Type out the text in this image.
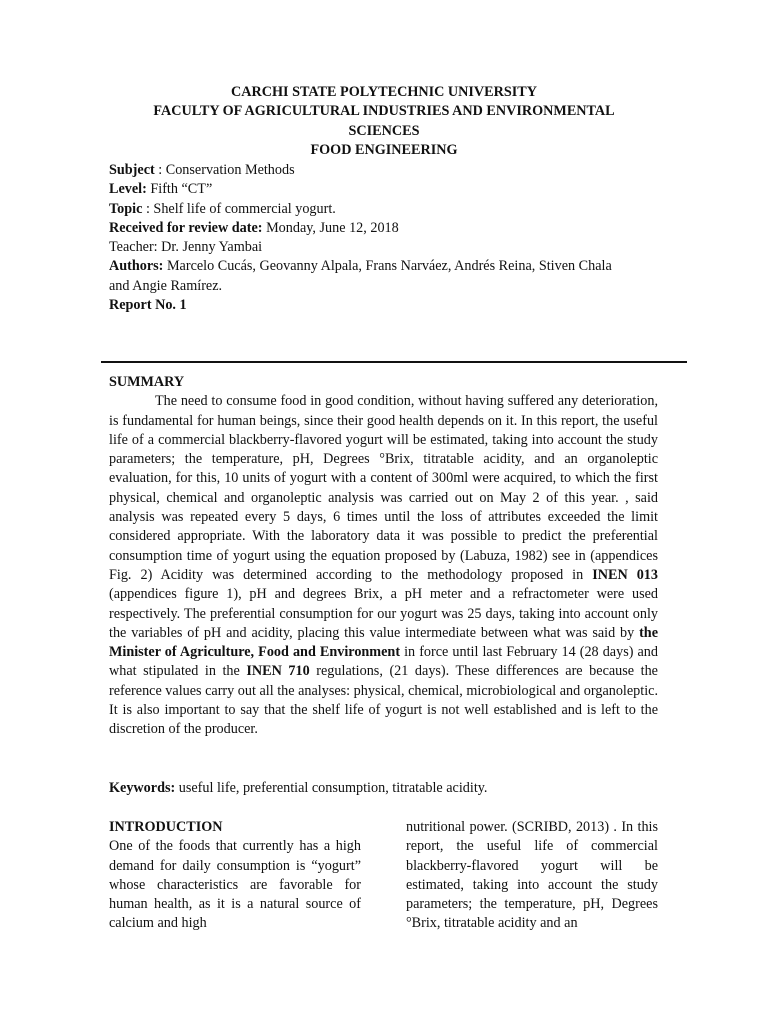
CARCHI STATE POLYTECHNIC UNIVERSITY
FACULTY OF AGRICULTURAL INDUSTRIES AND ENVIRONMENTAL
SCIENCES
FOOD ENGINEERING
Subject : Conservation Methods
Level: Fifth “CT”
Topic : Shelf life of commercial yogurt.
Received for review date: Monday, June 12, 2018
Teacher: Dr. Jenny Yambai
Authors: Marcelo Cucás, Geovanny Alpala, Frans Narváez, Andrés Reina, Stiven Chala and Angie Ramírez.
Report No. 1
SUMMARY

The need to consume food in good condition, without having suffered any deterioration, is fundamental for human beings, since their good health depends on it. In this report, the useful life of a commercial blackberry-flavored yogurt will be estimated, taking into account the study parameters; the temperature, pH, Degrees °Brix, titratable acidity, and an organoleptic evaluation, for this, 10 units of yogurt with a content of 300ml were acquired, to which the first physical, chemical and organoleptic analysis was carried out on May 2 of this year. , said analysis was repeated every 5 days, 6 times until the loss of attributes exceeded the limit considered appropriate. With the laboratory data it was possible to predict the preferential consumption time of yogurt using the equation proposed by (Labuza, 1982) see in (appendices Fig. 2) Acidity was determined according to the methodology proposed in INEN 013 (appendices figure 1), pH and degrees Brix, a pH meter and a refractometer were used respectively. The preferential consumption for our yogurt was 25 days, taking into account only the variables of pH and acidity, placing this value intermediate between what was said by the Minister of Agriculture, Food and Environment in force until last February 14 (28 days) and what stipulated in the INEN 710 regulations, (21 days). These differences are because the reference values carry out all the analyses: physical, chemical, microbiological and organoleptic. It is also important to say that the shelf life of yogurt is not well established and is left to the discretion of the producer.

Keywords: useful life, preferential consumption, titratable acidity.
INTRODUCTION

One of the foods that currently has a high demand for daily consumption is “yogurt” whose characteristics are favorable for human health, as it is a natural source of calcium and high

nutritional power. (SCRIBD, 2013) . In this report, the useful life of commercial blackberry-flavored yogurt will be estimated, taking into account the study parameters; the temperature, pH, Degrees °Brix, titratable acidity and an
